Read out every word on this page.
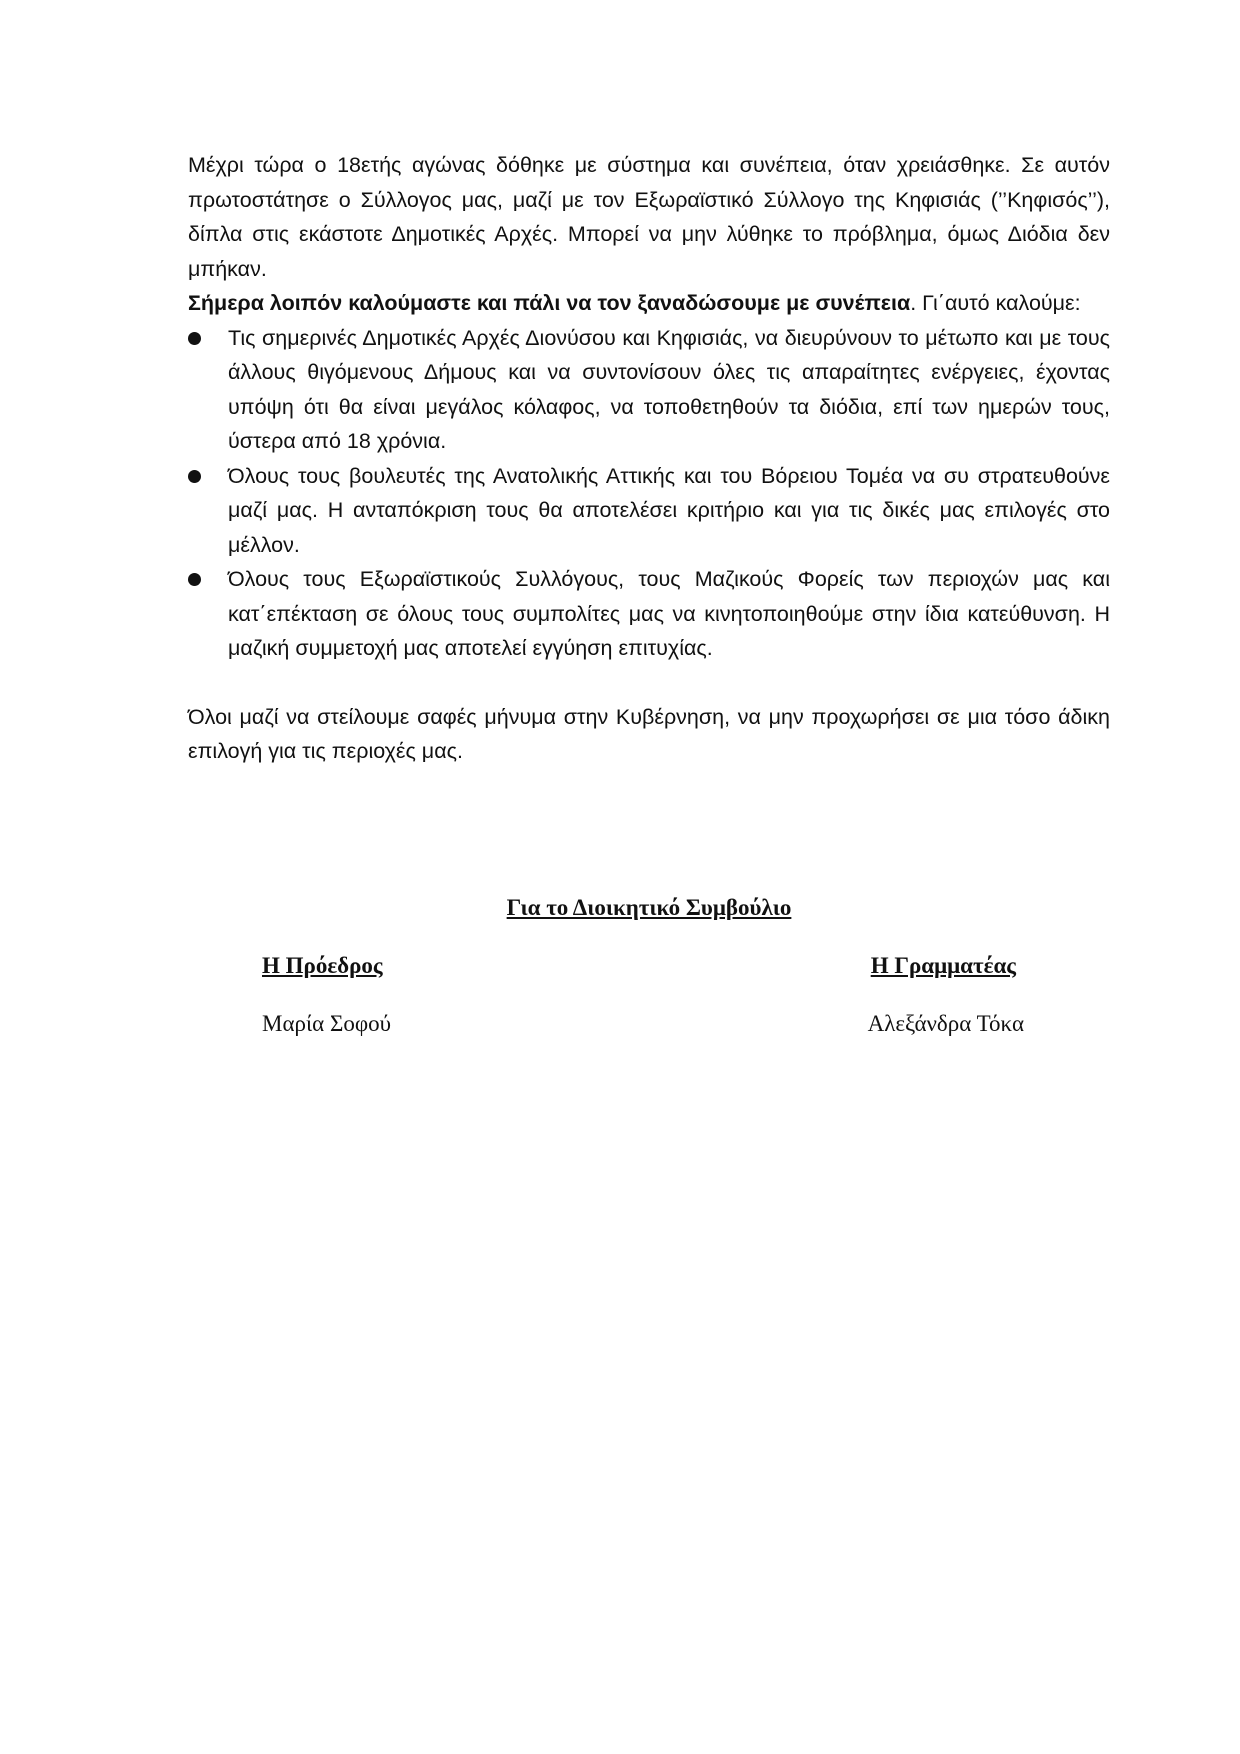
Μέχρι τώρα ο 18ετής αγώνας δόθηκε με σύστημα και συνέπεια, όταν χρειάσθηκε. Σε αυτόν πρωτοστάτησε ο Σύλλογος μας, μαζί με τον Εξωραϊστικό Σύλλογο της Κηφισιάς (’’Κηφισός’’), δίπλα στις εκάστοτε Δημοτικές Αρχές. Μπορεί να μην λύθηκε το πρόβλημα, όμως Διόδια δεν μπήκαν.

Σήμερα λοιπόν καλούμαστε και πάλι να τον ξαναδώσουμε με συνέπεια. Γι΄αυτό καλούμε:

Τις σημερινές Δημοτικές Αρχές Διονύσου και Κηφισιάς, να διευρύνουν το μέτωπο και με τους άλλους θιγόμενους Δήμους και να συντονίσουν όλες τις απαραίτητες ενέργειες, έχοντας υπόψη ότι θα είναι μεγάλος κόλαφος, να τοποθετηθούν τα διόδια, επί των ημερών τους, ύστερα από 18 χρόνια.
Όλους τους βουλευτές της Ανατολικής Αττικής και του Βόρειου Τομέα να συ στρατευθούνε μαζί μας. Η ανταπόκριση τους θα αποτελέσει κριτήριο και για τις δικές μας επιλογές στο μέλλον.
Όλους τους Εξωραϊστικούς Συλλόγους, τους Μαζικούς Φορείς των περιοχών μας και κατ΄επέκταση σε όλους τους συμπολίτες μας να κινητοποιηθούμε στην ίδια κατεύθυνση. Η μαζική συμμετοχή μας αποτελεί εγγύηση επιτυχίας.

Όλοι μαζί να στείλουμε σαφές μήνυμα στην Κυβέρνηση, να μην προχωρήσει σε μια τόσο άδικη επιλογή για τις περιοχές μας.

Για το Διοικητικό Συμβούλιο
Η Πρόεδρος
Μαρία Σοφού
Η Γραμματέας
Αλεξάνδρα Τόκα
